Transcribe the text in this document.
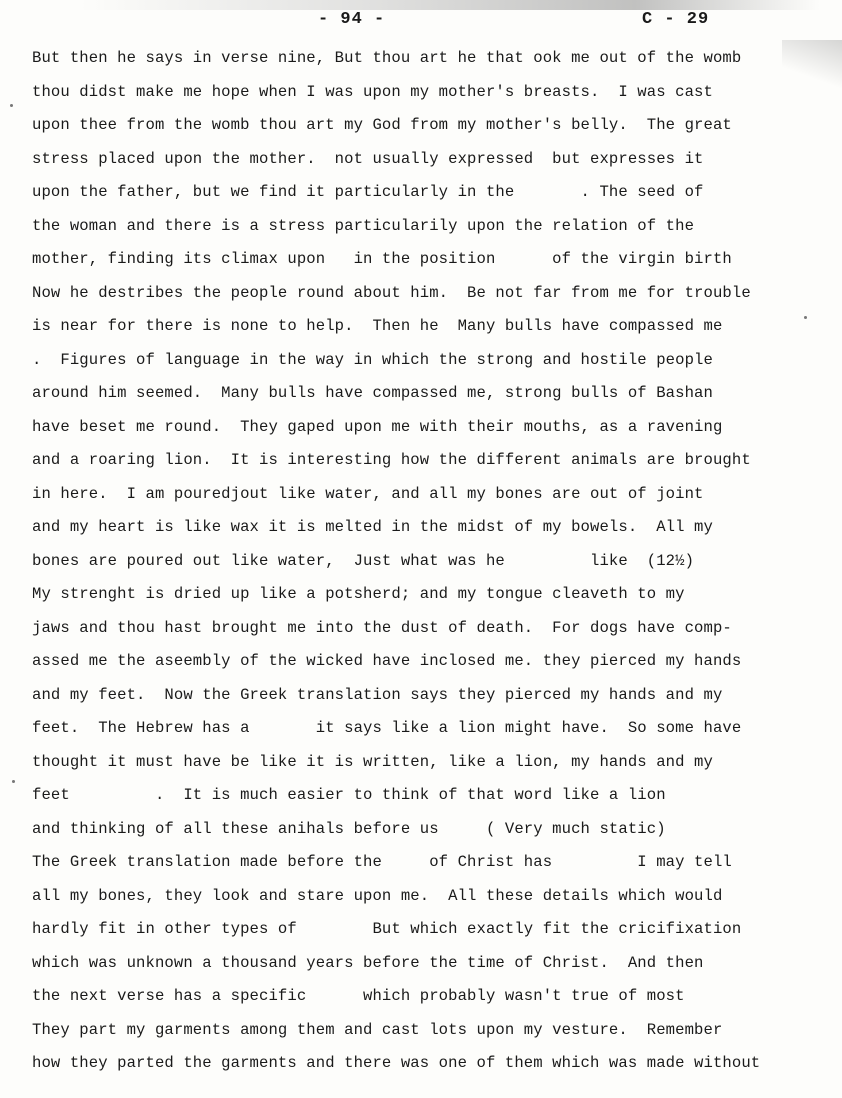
- 94 -	C - 29
But then he says in verse nine, But thou art he that ook me out of the womb
thou didst make me hope when I was upon my mother's breasts.  I was cast
upon thee from the womb thou art my God from my mother's belly.  The great
stress placed upon the mother.  not usually expressed  but expresses it
upon the father, but we find it particularly in the       . The seed of
the woman and there is a stress particularily upon the relation of the
mother, finding its climax upon   in the position      of the virgin birth
Now he destribes the people round about him.  Be not far from me for trouble
is near for there is none to help.  Then he  Many bulls have compassed me
.  Figures of language in the way in which the strong and hostile people
around him seemed.  Many bulls have compassed me, strong bulls of Bashan
have beset me round.  They gaped upon me with their mouths, as a ravening
and a roaring lion.  It is interesting how the different animals are brought
in here.  I am pouredjout like water, and all my bones are out of joint
and my heart is like wax it is melted in the midst of my bowels.  All my
bones are poured out like water,  Just what was he         like  (12½)
My strenght is dried up like a potsherd; and my tongue cleaveth to my
jaws and thou hast brought me into the dust of death.  For dogs have comp-
assed me the aseembly of the wicked have inclosed me. they pierced my hands
and my feet.  Now the Greek translation says they pierced my hands and my
feet.  The Hebrew has a       it says like a lion might have.  So some have
thought it must have be like it is written, like a lion, my hands and my
feet         .  It is much easier to think of that word like a lion
and thinking of all these anihals before us     ( Very much static)
The Greek translation made before the     of Christ has         I may tell
all my bones, they look and stare upon me.  All these details which would
hardly fit in other types of        But which exactly fit the cricifixation
which was unknown a thousand years before the time of Christ.  And then
the next verse has a specific      which probably wasn't true of most
They part my garments among them and cast lots upon my vesture.  Remember
how they parted the garments and there was one of them which was made without
